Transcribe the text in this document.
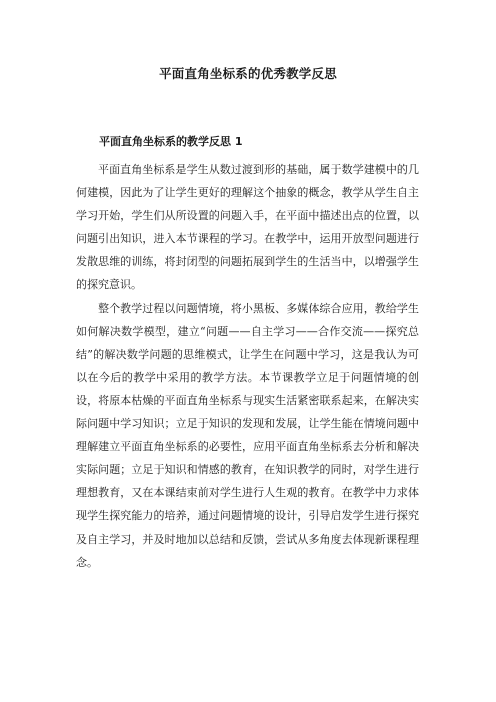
平面直角坐标系的优秀教学反思
平面直角坐标系的教学反思 1

平面直角坐标系是学生从数过渡到形的基础，属于数学建模中的几何建模，因此为了让学生更好的理解这个抽象的概念，教学从学生自主学习开始，学生们从所设置的问题入手，在平面中描述出点的位置，以问题引出知识，进入本节课程的学习。在教学中，运用开放型问题进行发散思维的训练，将封闭型的问题拓展到学生的生活当中，以增强学生的探究意识。

整个教学过程以问题情境，将小黑板、多媒体综合应用，教给学生如何解决数学模型，建立“问题——自主学习——合作交流——探究总结”的解决数学问题的思维模式，让学生在问题中学习，这是我认为可以在今后的教学中采用的教学方法。本节课教学立足于问题情境的创设，将原本枯燥的平面直角坐标系与现实生活紧密联系起来，在解决实际问题中学习知识；立足于知识的发现和发展，让学生能在情境问题中理解建立平面直角坐标系的必要性，应用平面直角坐标系去分析和解决实际问题；立足于知识和情感的教育，在知识教学的同时，对学生进行理想教育，又在本课结束前对学生进行人生观的教育。在教学中力求体现学生探究能力的培养，通过问题情境的设计，引导启发学生进行探究及自主学习，并及时地加以总结和反馈，尝试从多角度去体现新课程理念。
